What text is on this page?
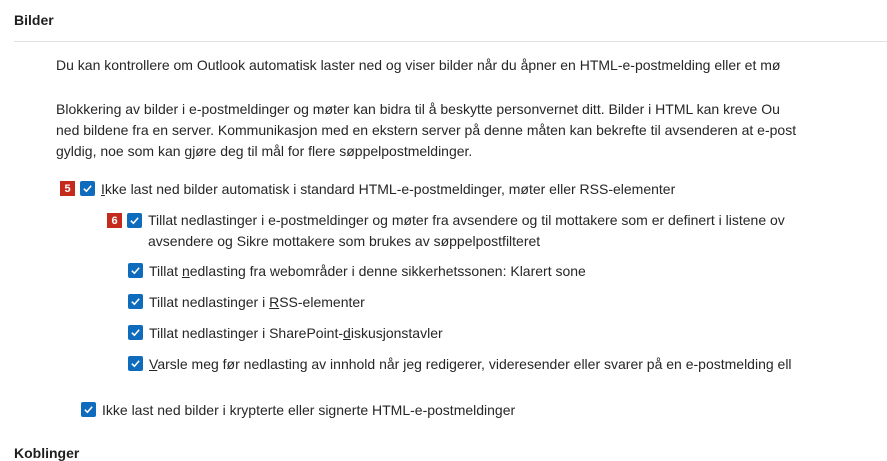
Bilder
Du kan kontrollere om Outlook automatisk laster ned og viser bilder når du åpner en HTML-e-postmelding eller et mø
Blokkering av bilder i e-postmeldinger og møter kan bidra til å beskytte personvernet ditt. Bilder i HTML kan kreve Ou
ned bildene fra en server. Kommunikasjon med en ekstern server på denne måten kan bekrefte til avsenderen at e-post
gyldig, noe som kan gjøre deg til mål for flere søppelpostmeldinger.
5	Ikke last ned bilder automatisk i standard HTML-e-postmeldinger, møter eller RSS-elementer
6	Tillat nedlastinger i e-postmeldinger og møter fra avsendere og til mottakere som er definert i listene ov
avsendere og Sikre mottakere som brukes av søppelpostfilteret
Tillat nedlasting fra webområder i denne sikkerhetssonen: Klarert sone
Tillat nedlastinger i RSS-elementer
Tillat nedlastinger i SharePoint-diskusjonstavler
Varsle meg før nedlasting av innhold når jeg redigerer, videresender eller svarer på en e-postmelding ell
Ikke last ned bilder i krypterte eller signerte HTML-e-postmeldinger
Koblinger
